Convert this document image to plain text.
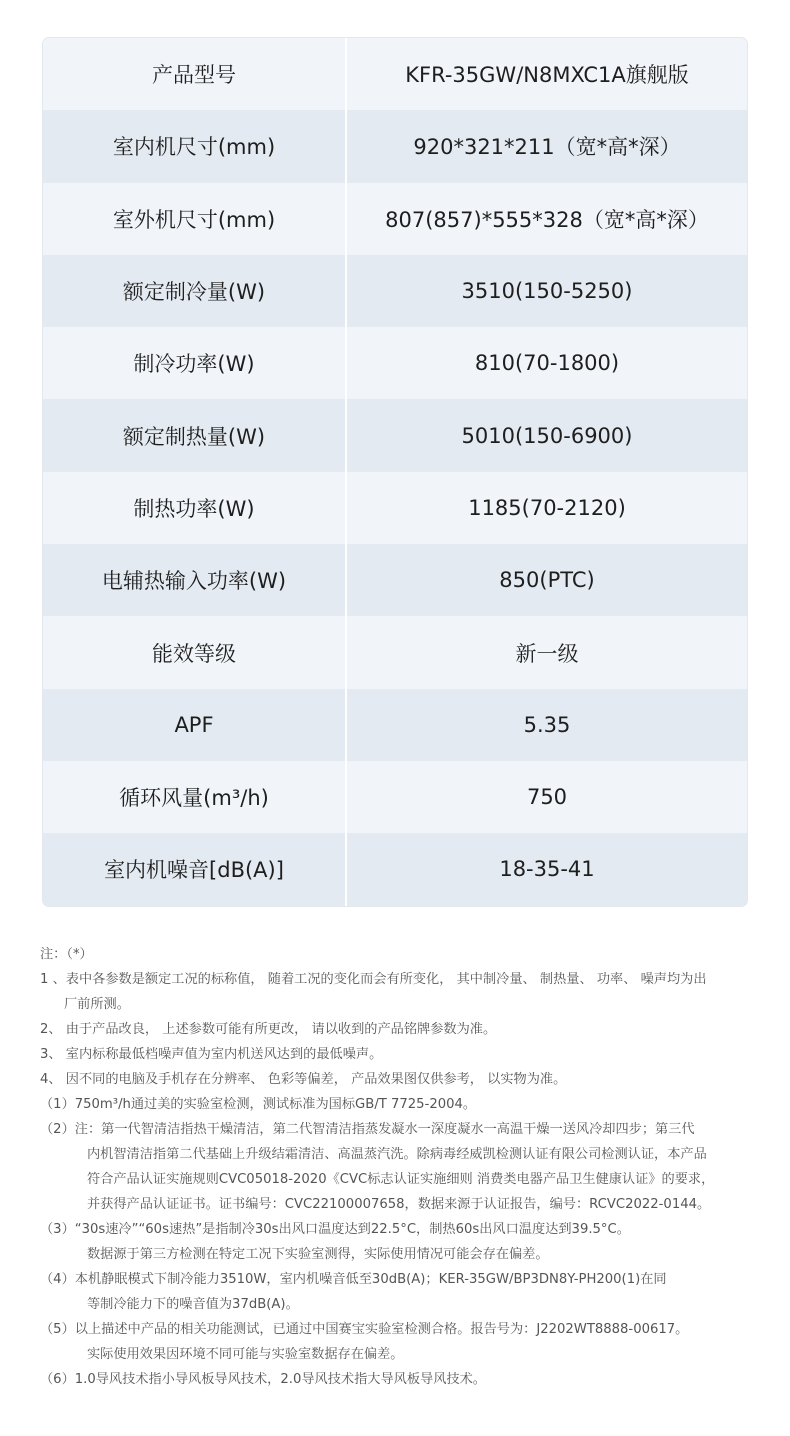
产品型号	KFR-35GW/N8MXC1A旗舰版
室内机尺寸(mm)	920*321*211（宽*高*深）
室外机尺寸(mm)	807(857)*555*328（宽*高*深）
额定制冷量(W)	3510(150-5250)
制冷功率(W)	810(70-1800)
额定制热量(W)	5010(150-6900)
制热功率(W)	1185(70-2120)
电辅热输入功率(W)	850(PTC)
能效等级	新一级
APF	5.35
循环风量(m³/h)	750
室内机噪音[dB(A)]	18-35-41

注：（*）

1 、表中各参数是额定工况的标称值， 随着工况的变化而会有所变化， 其中制冷量、 制热量、 功率、 噪声均为出

厂前所测。

2、 由于产品改良， 上述参数可能有所更改， 请以收到的产品铭牌参数为准。

3、 室内标称最低档噪声值为室内机送风达到的最低噪声。

4、 因不同的电脑及手机存在分辨率、 色彩等偏差， 产品效果图仅供参考， 以实物为准。

（1）750m³/h通过美的实验室检测，测试标准为国标GB/T 7725-2004。

（2）注：第一代智清洁指热干燥清洁，第二代智清洁指蒸发凝水一深度凝水一高温干燥一送风冷却四步；第三代

内机智清洁指第二代基础上升级结霜清洁、高温蒸汽洗。除病毒经威凯检测认证有限公司检测认证，本产品

符合产品认证实施规则CVC05018-2020《CVC标志认证实施细则 消费类电器产品卫生健康认证》的要求，

并获得产品认证证书。证书编号：CVC22100007658，数据来源于认证报告，编号：RCVC2022-0144。

（3）“30s速冷”“60s速热”是指制冷30s出风口温度达到22.5°C，制热60s出风口温度达到39.5°C。

数据源于第三方检测在特定工况下实验室测得，实际使用情况可能会存在偏差。

（4）本机静眠模式下制冷能力3510W，室内机噪音低至30dB(A)；KER-35GW/BP3DN8Y-PH200(1)在同

等制冷能力下的噪音值为37dB(A)。

（5）以上描述中产品的相关功能测试，已通过中国赛宝实验室检测合格。报告号为：J2202WT8888-00617。

实际使用效果因环境不同可能与实验室数据存在偏差。

（6）1.0导风技术指小导风板导风技术，2.0导风技术指大导风板导风技术。
